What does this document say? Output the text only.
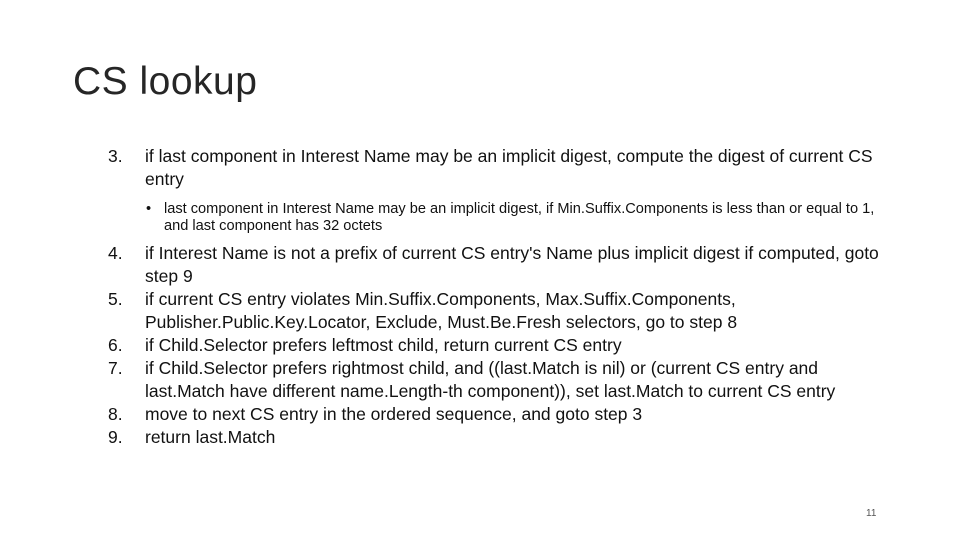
CS lookup
3.	if last component in Interest Name may be an implicit digest, compute the digest of current CS entry
• last component in Interest Name may be an implicit digest, if Min.Suffix.Components is less than or equal to 1, and last component has 32 octets
4.	if Interest Name is not a prefix of current CS entry's Name plus implicit digest if computed, goto step 9
5.	if current CS entry violates Min.Suffix.Components, Max.Suffix.Components, Publisher.Public.Key.Locator, Exclude, Must.Be.Fresh selectors, go to step 8
6.	if Child.Selector prefers leftmost child, return current CS entry
7.	if Child.Selector prefers rightmost child, and ((last.Match is nil) or (current CS entry and last.Match have different name.Length-th component)), set last.Match to current CS entry
8.	move to next CS entry in the ordered sequence, and goto step 3
9.	return last.Match
11
